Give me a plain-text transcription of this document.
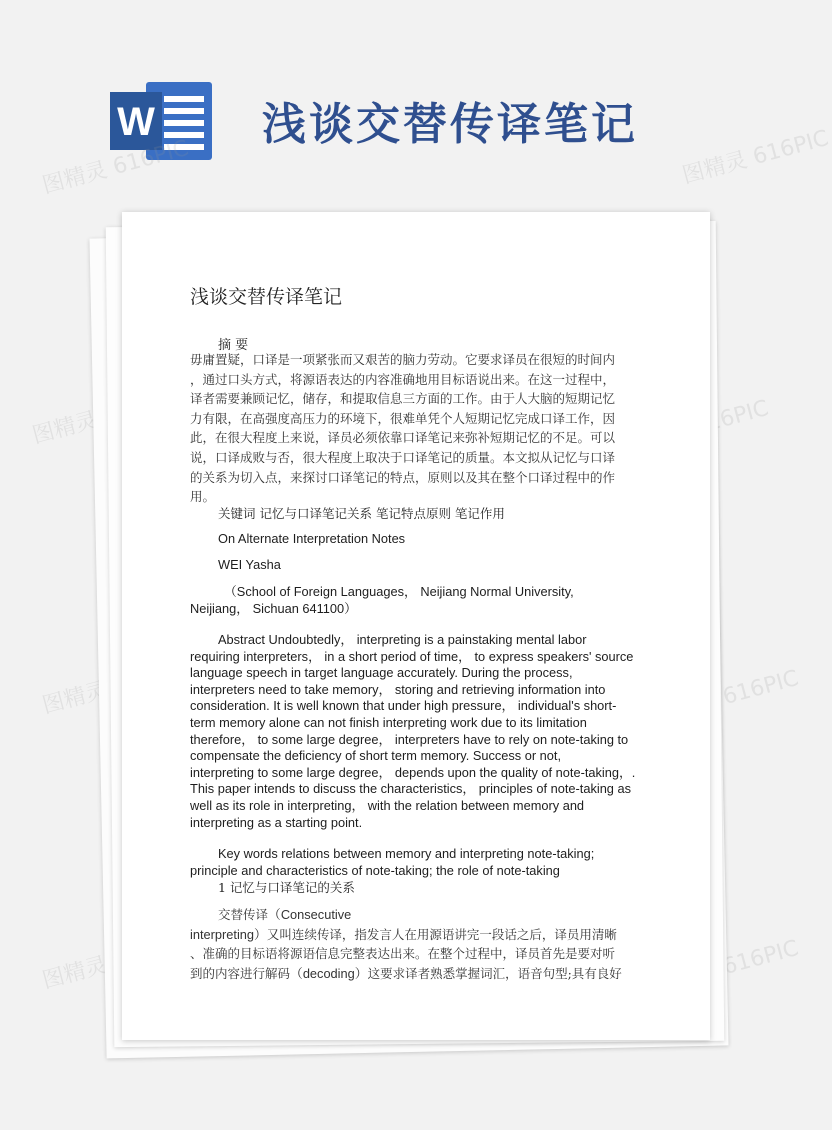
W 浅谈交替传译笔记
图精灵 616PIC	图精灵 616PIC
图精灵	616PIC
图精灵	图精灵 616PIC
图精灵	616PIC
浅谈交替传译笔记
摘 要
毋庸置疑，口译是一项紧张而又艰苦的脑力劳动。它要求译员在很短的时间内
，通过口头方式，将源语表达的内容准确地用目标语说出来。在这一过程中，
译者需要兼顾记忆，储存，和提取信息三方面的工作。由于人大脑的短期记忆
力有限，在高强度高压力的环境下，很难单凭个人短期记忆完成口译工作，因
此，在很大程度上来说，译员必须依靠口译笔记来弥补短期记忆的不足。可以
说，口译成败与否，很大程度上取决于口译笔记的质量。本文拟从记忆与口译
的关系为切入点，来探讨口译笔记的特点，原则以及其在整个口译过程中的作
用。
关键词 记忆与口译笔记关系 笔记特点原则 笔记作用
On Alternate Interpretation Notes
WEI Yasha
（School of Foreign Languages， Neijiang Normal University,
Neijiang， Sichuan 641100）
Abstract Undoubtedly， interpreting is a painstaking mental labor
requiring interpreters， in a short period of time， to express speakers' source
language speech in target language accurately. During the process,
interpreters need to take memory， storing and retrieving information into
consideration. It is well known that under high pressure， individual's short-
term memory alone can not finish interpreting work due to its limitation
therefore， to some large degree， interpreters have to rely on note-taking to
compensate the deficiency of short term memory. Success or not,
interpreting to some large degree， depends upon the quality of note-taking，.
This paper intends to discuss the characteristics， principles of note-taking as
well as its role in interpreting， with the relation between memory and
interpreting as a starting point.
Key words relations between memory and interpreting note-taking;
principle and characteristics of note-taking; the role of note-taking
1 记忆与口译笔记的关系
交替传译（Consecutive
interpreting）又叫连续传译，指发言人在用源语讲完一段话之后，译员用清晰
、准确的目标语将源语信息完整表达出来。在整个过程中，译员首先是要对听
到的内容进行解码（decoding）这要求译者熟悉掌握词汇，语音句型;具有良好
